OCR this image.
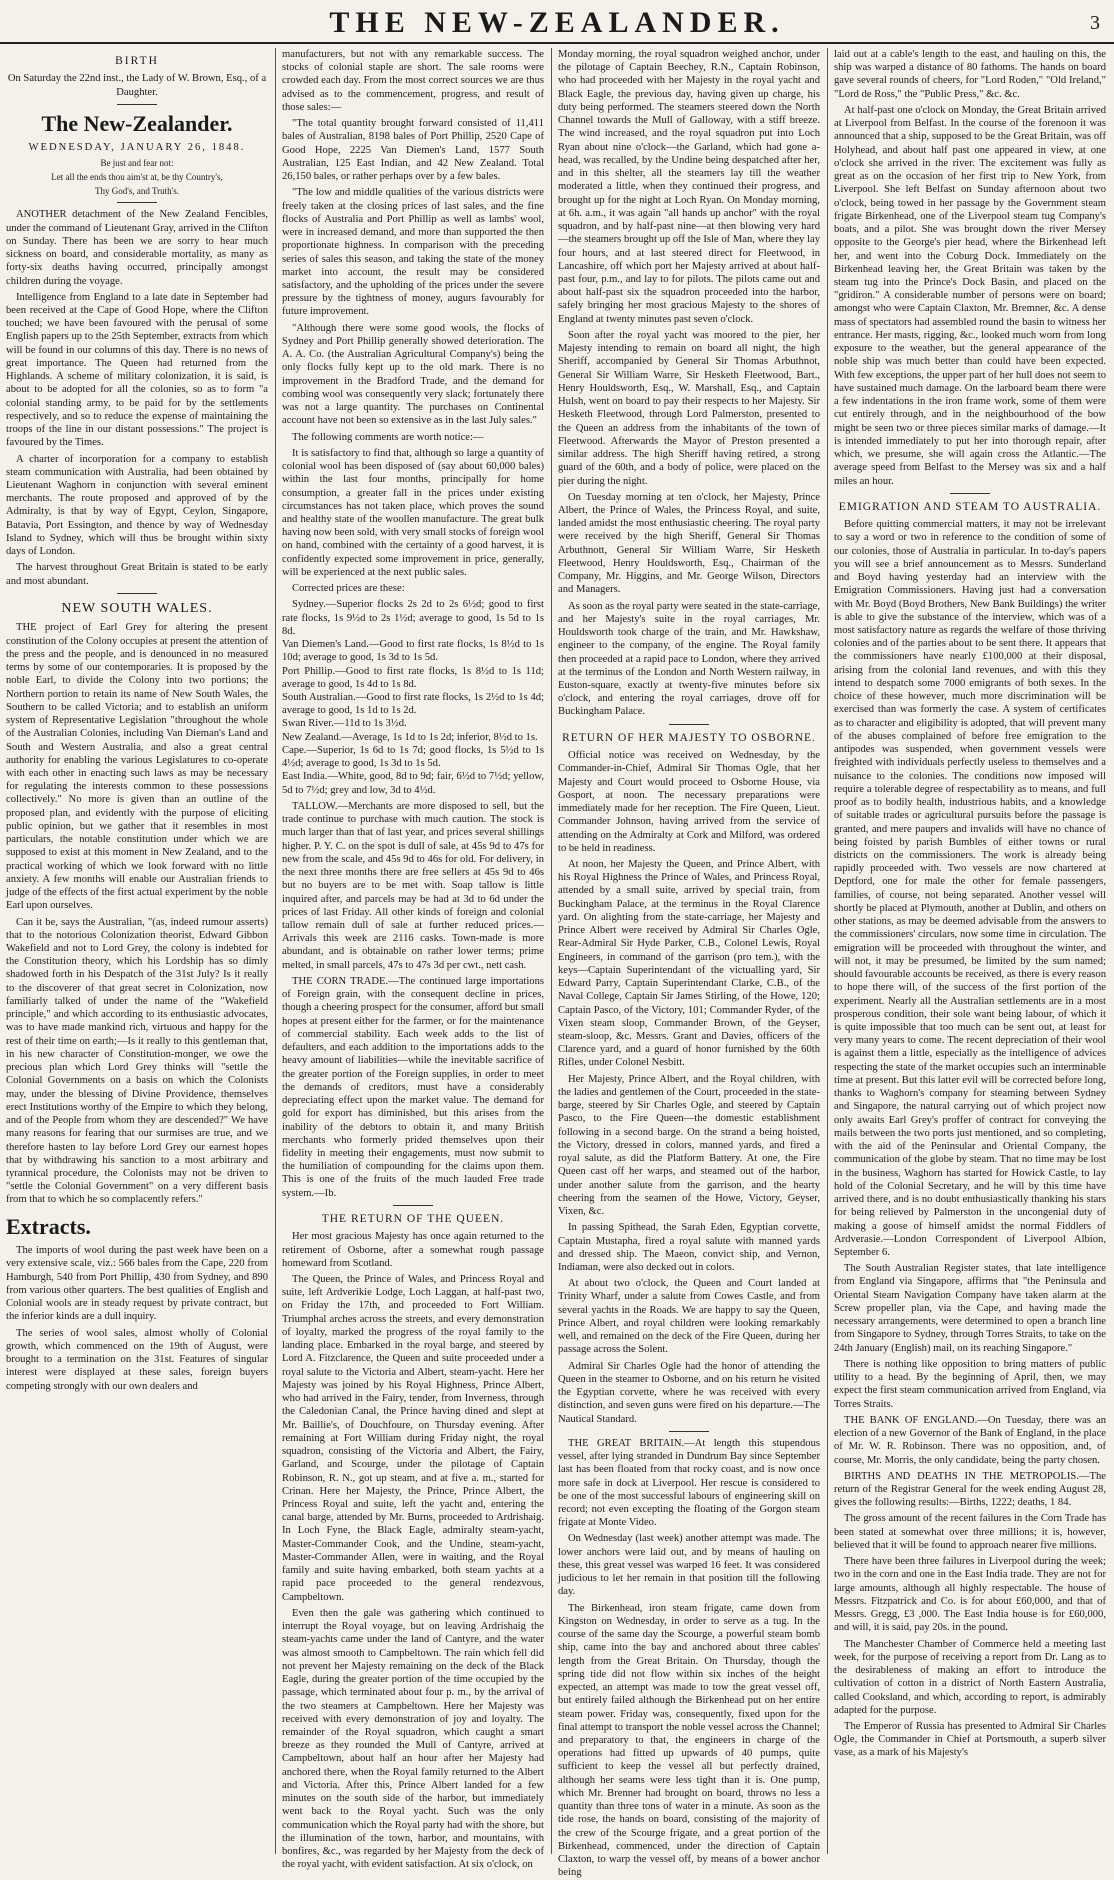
THE NEW-ZEALANDER.	3
BIRTH

On Saturday the 22nd inst., the Lady of W. Brown, Esq., of a Daughter.

The New-Zealander.

WEDNESDAY, JANUARY 26, 1848.

Be just and fear not:

Let all the ends thou aim'st at, be thy Country's,

Thy God's, and Truth's.

ANOTHER detachment of the New Zealand Fencibles, under the command of Lieutenant Gray, arrived in the Clifton on Sunday. There has been we are sorry to hear much sickness on board, and considerable mortality, as many as forty-six deaths having occurred, principally amongst children during the voyage.

Intelligence from England to a late date in September had been received at the Cape of Good Hope, where the Clifton touched; we have been favoured with the perusal of some English papers up to the 25th September, extracts from which will be found in our columns of this day. There is no news of great importance. The Queen had returned from the Highlands. A scheme of military colonization, it is said, is about to be adopted for all the colonies, so as to form "a colonial standing army, to be paid for by the settlements respectively, and so to reduce the expense of maintaining the troops of the line in our distant possessions." The project is favoured by the Times.

A charter of incorporation for a company to establish steam communication with Australia, had been obtained by Lieutenant Waghorn in conjunction with several eminent merchants. The route proposed and approved of by the Admiralty, is that by way of Egypt, Ceylon, Singapore, Batavia, Port Essington, and thence by way of Wednesday Island to Sydney, which will thus be brought within sixty days of London.

The harvest throughout Great Britain is stated to be early and most abundant.

NEW SOUTH WALES.

THE project of Earl Grey for altering the present constitution of the Colony occupies at present the attention of the press and the people, and is denounced in no measured terms by some of our contemporaries. It is proposed by the noble Earl, to divide the Colony into two portions; the Northern portion to retain its name of New South Wales, the Southern to be called Victoria; and to establish an uniform system of Representative Legislation "throughout the whole of the Australian Colonies, including Van Dieman's Land and South and Western Australia, and also a great central authority for enabling the various Legislatures to co-operate with each other in enacting such laws as may be necessary for regulating the interests common to these possessions collectively." No more is given than an outline of the proposed plan, and evidently with the purpose of eliciting public opinion, but we gather that it resembles in most particulars, the notable constitution under which we are supposed to exist at this moment in New Zealand, and to the practical working of which we look forward with no little anxiety. A few months will enable our Australian friends to judge of the effects of the first actual experiment by the noble Earl upon ourselves.

Can it be, says the Australian, "(as, indeed rumour asserts) that to the notorious Colonization theorist, Edward Gibbon Wakefield and not to Lord Grey, the colony is indebted for the Constitution theory, which his Lordship has so dimly shadowed forth in his Despatch of the 31st July? Is it really to the discoverer of that great secret in Colonization, now familiarly talked of under the name of the "Wakefield principle," and which according to its enthusiastic advocates, was to have made mankind rich, virtuous and happy for the rest of their time on earth;—Is it really to this gentleman that, in his new character of Constitution-monger, we owe the precious plan which Lord Grey thinks will "settle the Colonial Governments on a basis on which the Colonists may, under the blessing of Divine Providence, themselves erect Institutions worthy of the Empire to which they belong, and of the People from whom they are descended?" We have many reasons for fearing that our surmises are true, and we therefore hasten to lay before Lord Grey our earnest hopes that by withdrawing his sanction to a most arbitrary and tyrannical procedure, the Colonists may not be driven to "settle the Colonial Government" on a very different basis from that to which he so complacently refers."

Extracts.

The imports of wool during the past week have been on a very extensive scale, viz.: 566 bales from the Cape, 220 from Hamburgh, 540 from Port Phillip, 430 from Sydney, and 890 from various other quarters. The best qualities of English and Colonial wools are in steady request by private contract, but the inferior kinds are a dull inquiry.

The series of wool sales, almost wholly of Colonial growth, which commenced on the 19th of August, were brought to a termination on the 31st. Features of singular interest were displayed at these sales, foreign buyers competing strongly with our own dealers and

manufacturers, but not with any remarkable success. The stocks of colonial staple are short. The sale rooms were crowded each day. From the most correct sources we are thus advised as to the commencement, progress, and result of those sales:—

"The total quantity brought forward consisted of 11,411 bales of Australian, 8198 bales of Port Phillip, 2520 Cape of Good Hope, 2225 Van Diemen's Land, 1577 South Australian, 125 East Indian, and 42 New Zealand. Total 26,150 bales, or rather perhaps over by a few bales.

"The low and middle qualities of the various districts were freely taken at the closing prices of last sales, and the fine flocks of Australia and Port Phillip as well as lambs' wool, were in increased demand, and more than supported the then proportionate highness. In comparison with the preceding series of sales this season, and taking the state of the money market into account, the result may be considered satisfactory, and the upholding of the prices under the severe pressure by the tightness of money, augurs favourably for future improvement.

"Although there were some good wools, the flocks of Sydney and Port Phillip generally showed deterioration. The A. A. Co. (the Australian Agricultural Company's) being the only flocks fully kept up to the old mark. There is no improvement in the Bradford Trade, and the demand for combing wool was consequently very slack; fortunately there was not a large quantity. The purchases on Continental account have not been so extensive as in the last July sales."

The following comments are worth notice:—

It is satisfactory to find that, although so large a quantity of colonial wool has been disposed of (say about 60,000 bales) within the last four months, principally for home consumption, a greater fall in the prices under existing circumstances has not taken place, which proves the sound and healthy state of the woollen manufacture. The great bulk having now been sold, with very small stocks of foreign wool on hand, combined with the certainty of a good harvest, it is confidently expected some improvement in price, generally, will be experienced at the next public sales.

Corrected prices are these:

Sydney.—Superior flocks 2s 2d to 2s 6½d; good to first rate flocks, 1s 9½d to 2s 1½d; average to good, 1s 5d to 1s 8d.
Van Diemen's Land.—Good to first rate flocks, 1s 8½d to 1s 10d; average to good, 1s 3d to 1s 5d.
Port Phillip.—Good to first rate flocks, 1s 8½d to 1s 11d; average to good, 1s 4d to 1s 8d.
South Australian.—Good to first rate flocks, 1s 2½d to 1s 4d; average to good, 1s 1d to 1s 2d.
Swan River.—11d to 1s 3½d.
New Zealand.—Average, 1s 1d to 1s 2d; inferior, 8½d to 1s.
Cape.—Superior, 1s 6d to 1s 7d; good flocks, 1s 5½d to 1s 4½d; average to good, 1s 3d to 1s 5d.
East India.—White, good, 8d to 9d; fair, 6½d to 7½d; yellow, 5d to 7½d; grey and low, 3d to 4½d.

TALLOW.—Merchants are more disposed to sell, but the trade continue to purchase with much caution. The stock is much larger than that of last year, and prices several shillings higher. P. Y. C. on the spot is dull of sale, at 45s 9d to 47s for new from the scale, and 45s 9d to 46s for old. For delivery, in the next three months there are free sellers at 45s 9d to 46s but no buyers are to be met with. Soap tallow is little inquired after, and parcels may be had at 3d to 6d under the prices of last Friday. All other kinds of foreign and colonial tallow remain dull of sale at further reduced prices.—Arrivals this week are 2116 casks. Town-made is more abundant, and is obtainable on rather lower terms; prime melted, in small parcels, 47s to 47s 3d per cwt., nett cash.

THE CORN TRADE.—The continued large importations of Foreign grain, with the consequent decline in prices, though a cheering prospect for the consumer, afford but small hopes at present either for the farmer, or for the maintenance of commercial stability. Each week adds to the list of defaulters, and each addition to the importations adds to the heavy amount of liabilities—while the inevitable sacrifice of the greater portion of the Foreign supplies, in order to meet the demands of creditors, must have a considerably depreciating effect upon the market value. The demand for gold for export has diminished, but this arises from the inability of the debtors to obtain it, and many British merchants who formerly prided themselves upon their fidelity in meeting their engagements, must now submit to the humiliation of compounding for the claims upon them. This is one of the fruits of the much lauded Free trade system.—Ib.

THE RETURN OF THE QUEEN.

Her most gracious Majesty has once again returned to the retirement of Osborne, after a somewhat rough passage homeward from Scotland.

The Queen, the Prince of Wales, and Princess Royal and suite, left Ardverikie Lodge, Loch Laggan, at half-past two, on Friday the 17th, and proceeded to Fort William. Triumphal arches across the streets, and every demonstration of loyalty, marked the progress of the royal family to the landing place. Embarked in the royal barge, and steered by Lord A. Fitzclarence, the Queen and suite proceeded under a royal salute to the Victoria and Albert, steam-yacht. Here her Majesty was joined by his Royal Highness, Prince Albert, who had arrived in the Fairy, tender, from Inverness, through the Caledonian Canal, the Prince having dined and slept at Mr. Baillie's, of Douchfoure, on Thursday evening. After remaining at Fort William during Friday night, the royal squadron, consisting of the Victoria and Albert, the Fairy, Garland, and Scourge, under the pilotage of Captain Robinson, R. N., got up steam, and at five a. m., started for Crinan. Here her Majesty, the Prince, Prince Albert, the Princess Royal and suite, left the yacht and, entering the canal barge, attended by Mr. Burns, proceeded to Ardrishaig. In Loch Fyne, the Black Eagle, admiralty steam-yacht, Master-Commander Cook, and the Undine, steam-yacht, Master-Commander Allen, were in waiting, and the Royal family and suite having embarked, both steam yachts at a rapid pace proceeded to the general rendezvous, Campbeltown.

Even then the gale was gathering which continued to interrupt the Royal voyage, but on leaving Ardrishaig the steam-yachts came under the land of Cantyre, and the water was almost smooth to Campbeltown. The rain which fell did not prevent her Majesty remaining on the deck of the Black Eagle, during the greater portion of the time occupied by the passage, which terminated about four p. m., by the arrival of the two steamers at Campbeltown. Here her Majesty was received with every demonstration of joy and loyalty. The remainder of the Royal squadron, which caught a smart breeze as they rounded the Mull of Cantyre, arrived at Campbeltown, about half an hour after her Majesty had anchored there, when the Royal family returned to the Albert and Victoria. After this, Prince Albert landed for a few minutes on the south side of the harbor, but immediately went back to the Royal yacht. Such was the only communication which the Royal party had with the shore, but the illumination of the town, harbor, and mountains, with bonfires, &c., was regarded by her Majesty from the deck of the royal yacht, with evident satisfaction. At six o'clock, on

Monday morning, the royal squadron weighed anchor, under the pilotage of Captain Beechey, R.N., Captain Robinson, who had proceeded with her Majesty in the royal yacht and Black Eagle, the previous day, having given up charge, his duty being performed. The steamers steered down the North Channel towards the Mull of Galloway, with a stiff breeze. The wind increased, and the royal squadron put into Loch Ryan about nine o'clock—the Garland, which had gone a-head, was recalled, by the Undine being despatched after her, and in this shelter, all the steamers lay till the weather moderated a little, when they continued their progress, and brought up for the night at Loch Ryan. On Monday morning, at 6h. a.m., it was again "all hands up anchor" with the royal squadron, and by half-past nine—at then blowing very hard—the steamers brought up off the Isle of Man, where they lay four hours, and at last steered direct for Fleetwood, in Lancashire, off which port her Majesty arrived at about half-past four, p.m., and lay to for pilots. The pilots came out and about half-past six the squadron proceeded into the harbor, safely bringing her most gracious Majesty to the shores of England at twenty minutes past seven o'clock.

Soon after the royal yacht was moored to the pier, her Majesty intending to remain on board all night, the high Sheriff, accompanied by General Sir Thomas Arbuthnot, General Sir William Warre, Sir Hesketh Fleetwood, Bart., Henry Houldsworth, Esq., W. Marshall, Esq., and Captain Hulsh, went on board to pay their respects to her Majesty. Sir Hesketh Fleetwood, through Lord Palmerston, presented to the Queen an address from the inhabitants of the town of Fleetwood. Afterwards the Mayor of Preston presented a similar address. The high Sheriff having retired, a strong guard of the 60th, and a body of police, were placed on the pier during the night.

On Tuesday morning at ten o'clock, her Majesty, Prince Albert, the Prince of Wales, the Princess Royal, and suite, landed amidst the most enthusiastic cheering. The royal party were received by the high Sheriff, General Sir Thomas Arbuthnott, General Sir William Warre, Sir Hesketh Fleetwood, Henry Houldsworth, Esq., Chairman of the Company, Mr. Higgins, and Mr. George Wilson, Directors and Managers.

As soon as the royal party were seated in the state-carriage, and her Majesty's suite in the royal carriages, Mr. Houldsworth took charge of the train, and Mr. Hawkshaw, engineer to the company, of the engine. The Royal family then proceeded at a rapid pace to London, where they arrived at the terminus of the London and North Western railway, in Euston-square, exactly at twenty-five minutes before six o'clock, and entering the royal carriages, drove off for Buckingham Palace.

RETURN OF HER MAJESTY TO OSBORNE.

Official notice was received on Wednesday, by the Commander-in-Chief, Admiral Sir Thomas Ogle, that her Majesty and Court would proceed to Osborne House, via Gosport, at noon. The necessary preparations were immediately made for her reception. The Fire Queen, Lieut. Commander Johnson, having arrived from the service of attending on the Admiralty at Cork and Milford, was ordered to be held in readiness.

At noon, her Majesty the Queen, and Prince Albert, with his Royal Highness the Prince of Wales, and Princess Royal, attended by a small suite, arrived by special train, from Buckingham Palace, at the terminus in the Royal Clarence yard. On alighting from the state-carriage, her Majesty and Prince Albert were received by Admiral Sir Charles Ogle, Rear-Admiral Sir Hyde Parker, C.B., Colonel Lewis, Royal Engineers, in command of the garrison (pro tem.), with the keys—Captain Superintendant of the victualling yard, Sir Edward Parry, Captain Superintendant Clarke, C.B., of the Naval College, Captain Sir James Stirling, of the Howe, 120; Captain Pasco, of the Victory, 101; Commander Ryder, of the Vixen steam sloop, Commander Brown, of the Geyser, steam-sloop, &c. Messrs. Grant and Davies, officers of the Clarence yard, and a guard of honor furnished by the 60th Rifles, under Colonel Nesbitt.

Her Majesty, Prince Albert, and the Royal children, with the ladies and gentlemen of the Court, proceeded in the state-barge, steered by Sir Charles Ogle, and steered by Captain Pasco, to the Fire Queen—the domestic establishment following in a second barge. On the strand a being hoisted, the Victory, dressed in colors, manned yards, and fired a royal salute, as did the Platform Battery. At one, the Fire Queen cast off her warps, and steamed out of the harbor, under another salute from the garrison, and the hearty cheering from the seamen of the Howe, Victory, Geyser, Vixen, &c.

In passing Spithead, the Sarah Eden, Egyptian corvette, Captain Mustapha, fired a royal salute with manned yards and dressed ship. The Maeon, convict ship, and Vernon, Indiaman, were also decked out in colors.

At about two o'clock, the Queen and Court landed at Trinity Wharf, under a salute from Cowes Castle, and from several yachts in the Roads. We are happy to say the Queen, Prince Albert, and royal children were looking remarkably well, and remained on the deck of the Fire Queen, during her passage across the Solent.

Admiral Sir Charles Ogle had the honor of attending the Queen in the steamer to Osborne, and on his return he visited the Egyptian corvette, where he was received with every distinction, and seven guns were fired on his departure.—The Nautical Standard.

THE GREAT BRITAIN.—At length this stupendous vessel, after lying stranded in Dundrum Bay since September last has been floated from that rocky coast, and is now once more safe in dock at Liverpool. Her rescue is considered to be one of the most successful labours of engineering skill on record; not even excepting the floating of the Gorgon steam frigate at Monte Video.

On Wednesday (last week) another attempt was made. The lower anchors were laid out, and by means of hauling on these, this great vessel was warped 16 feet. It was considered judicious to let her remain in that position till the following day.

The Birkenhead, iron steam frigate, came down from Kingston on Wednesday, in order to serve as a tug. In the course of the same day the Scourge, a powerful steam bomb ship, came into the bay and anchored about three cables' length from the Great Britain. On Thursday, though the spring tide did not flow within six inches of the height expected, an attempt was made to tow the great vessel off, but entirely failed although the Birkenhead put on her entire steam power. Friday was, consequently, fixed upon for the final attempt to transport the noble vessel across the Channel; and preparatory to that, the engineers in charge of the operations had fitted up upwards of 40 pumps, quite sufficient to keep the vessel all but perfectly drained, although her seams were less tight than it is. One pump, which Mr. Brenner had brought on board, throws no less a quantity than three tons of water in a minute. As soon as the tide rose, the hands on board, consisting of the majority of the crew of the Scourge frigate, and a great portion of the Birkenhead, commenced, under the direction of Captain Claxton, to warp the vessel off, by means of a bower anchor being

laid out at a cable's length to the east, and hauling on this, the ship was warped a distance of 80 fathoms. The hands on board gave several rounds of cheers, for "Lord Roden," "Old Ireland," "Lord de Ross," the "Public Press," &c. &c.

At half-past one o'clock on Monday, the Great Britain arrived at Liverpool from Belfast. In the course of the forenoon it was announced that a ship, supposed to be the Great Britain, was off Holyhead, and about half past one appeared in view, at one o'clock she arrived in the river. The excitement was fully as great as on the occasion of her first trip to New York, from Liverpool. She left Belfast on Sunday afternoon about two o'clock, being towed in her passage by the Government steam frigate Birkenhead, one of the Liverpool steam tug Company's boats, and a pilot. She was brought down the river Mersey opposite to the George's pier head, where the Birkenhead left her, and went into the Coburg Dock. Immediately on the Birkenhead leaving her, the Great Britain was taken by the steam tug into the Prince's Dock Basin, and placed on the "gridiron." A considerable number of persons were on board; amongst who were Captain Claxton, Mr. Bremner, &c. A dense mass of spectators had assembled round the basin to witness her entrance. Her masts, rigging, &c., looked much worn from long exposure to the weather, but the general appearance of the noble ship was much better than could have been expected. With few exceptions, the upper part of her hull does not seem to have sustained much damage. On the larboard beam there were a few indentations in the iron frame work, some of them were cut entirely through, and in the neighbourhood of the bow might be seen two or three pieces similar marks of damage.—It is intended immediately to put her into thorough repair, after which, we presume, she will again cross the Atlantic.—The average speed from Belfast to the Mersey was six and a half miles an hour.

EMIGRATION AND STEAM TO AUSTRALIA.

Before quitting commercial matters, it may not be irrelevant to say a word or two in reference to the condition of some of our colonies, those of Australia in particular. In to-day's papers you will see a brief announcement as to Messrs. Sunderland and Boyd having yesterday had an interview with the Emigration Commissioners. Having just had a conversation with Mr. Boyd (Boyd Brothers, New Bank Buildings) the writer is able to give the substance of the interview, which was of a most satisfactory nature as regards the welfare of those thriving colonies and of the parties about to be sent there. It appears that the commissioners have nearly £100,000 at their disposal, arising from the colonial land revenues, and with this they intend to despatch some 7000 emigrants of both sexes. In the choice of these however, much more discrimination will be exercised than was formerly the case. A system of certificates as to character and eligibility is adopted, that will prevent many of the abuses complained of before free emigration to the antipodes was suspended, when government vessels were freighted with individuals perfectly useless to themselves and a nuisance to the colonies. The conditions now imposed will require a tolerable degree of respectability as to means, and full proof as to bodily health, industrious habits, and a knowledge of suitable trades or agricultural pursuits before the passage is granted, and mere paupers and invalids will have no chance of being foisted by parish Bumbles of either towns or rural districts on the commissioners. The work is already being rapidly proceeded with. Two vessels are now chartered at Deptford, one for male the other for female passengers, families, of course, not being separated. Another vessel will shortly be placed at Plymouth, another at Dublin, and others on other stations, as may be deemed advisable from the answers to the commissioners' circulars, now some time in circulation. The emigration will be proceeded with throughout the winter, and will not, it may be presumed, be limited by the sum named; should favourable accounts be received, as there is every reason to hope there will, of the success of the first portion of the experiment. Nearly all the Australian settlements are in a most prosperous condition, their sole want being labour, of which it is quite impossible that too much can be sent out, at least for very many years to come. The recent depreciation of their wool is against them a little, especially as the intelligence of advices respecting the state of the market occupies such an interminable time at present. But this latter evil will be corrected before long, thanks to Waghorn's company for steaming between Sydney and Singapore, the natural carrying out of which project now only awaits Earl Grey's proffer of contract for conveying the mails between the two ports just mentioned, and so completing, with the aid of the Peninsular and Oriental Company, the communication of the globe by steam. That no time may be lost in the business, Waghorn has started for Howick Castle, to lay hold of the Colonial Secretary, and he will by this time have arrived there, and is no doubt enthusiastically thanking his stars for being relieved by Palmerston in the uncongenial duty of making a goose of himself amidst the normal Fiddlers of Ardverasie.—London Correspondent of Liverpool Albion, September 6.

The South Australian Register states, that late intelligence from England via Singapore, affirms that "the Peninsula and Oriental Steam Navigation Company have taken alarm at the Screw propeller plan, via the Cape, and having made the necessary arrangements, were determined to open a branch line from Singapore to Sydney, through Torres Straits, to take on the 24th January (English) mail, on its reaching Singapore."

There is nothing like opposition to bring matters of public utility to a head. By the beginning of April, then, we may expect the first steam communication arrived from England, via Torres Straits.

THE BANK OF ENGLAND.—On Tuesday, there was an election of a new Governor of the Bank of England, in the place of Mr. W. R. Robinson. There was no opposition, and, of course, Mr. Morris, the only candidate, being the party chosen.

BIRTHS AND DEATHS IN THE METROPOLIS.—The return of the Registrar General for the week ending August 28, gives the following results:—Births, 1222; deaths, 1 84.

The gross amount of the recent failures in the Corn Trade has been stated at somewhat over three millions; it is, however, believed that it will be found to approach nearer five millions.

There have been three failures in Liverpool during the week; two in the corn and one in the East India trade. They are not for large amounts, although all highly respectable. The house of Messrs. Fitzpatrick and Co. is for about £60,000, and that of Messrs. Gregg, £3 ,000. The East India house is for £60,000, and will, it is said, pay 20s. in the pound.

The Manchester Chamber of Commerce held a meeting last week, for the purpose of receiving a report from Dr. Lang as to the desirableness of making an effort to introduce the cultivation of cotton in a district of North Eastern Australia, called Cooksland, and which, according to report, is admirably adapted for the purpose.

The Emperor of Russia has presented to Admiral Sir Charles Ogle, the Commander in Chief at Portsmouth, a superb silver vase, as a mark of his Majesty's
